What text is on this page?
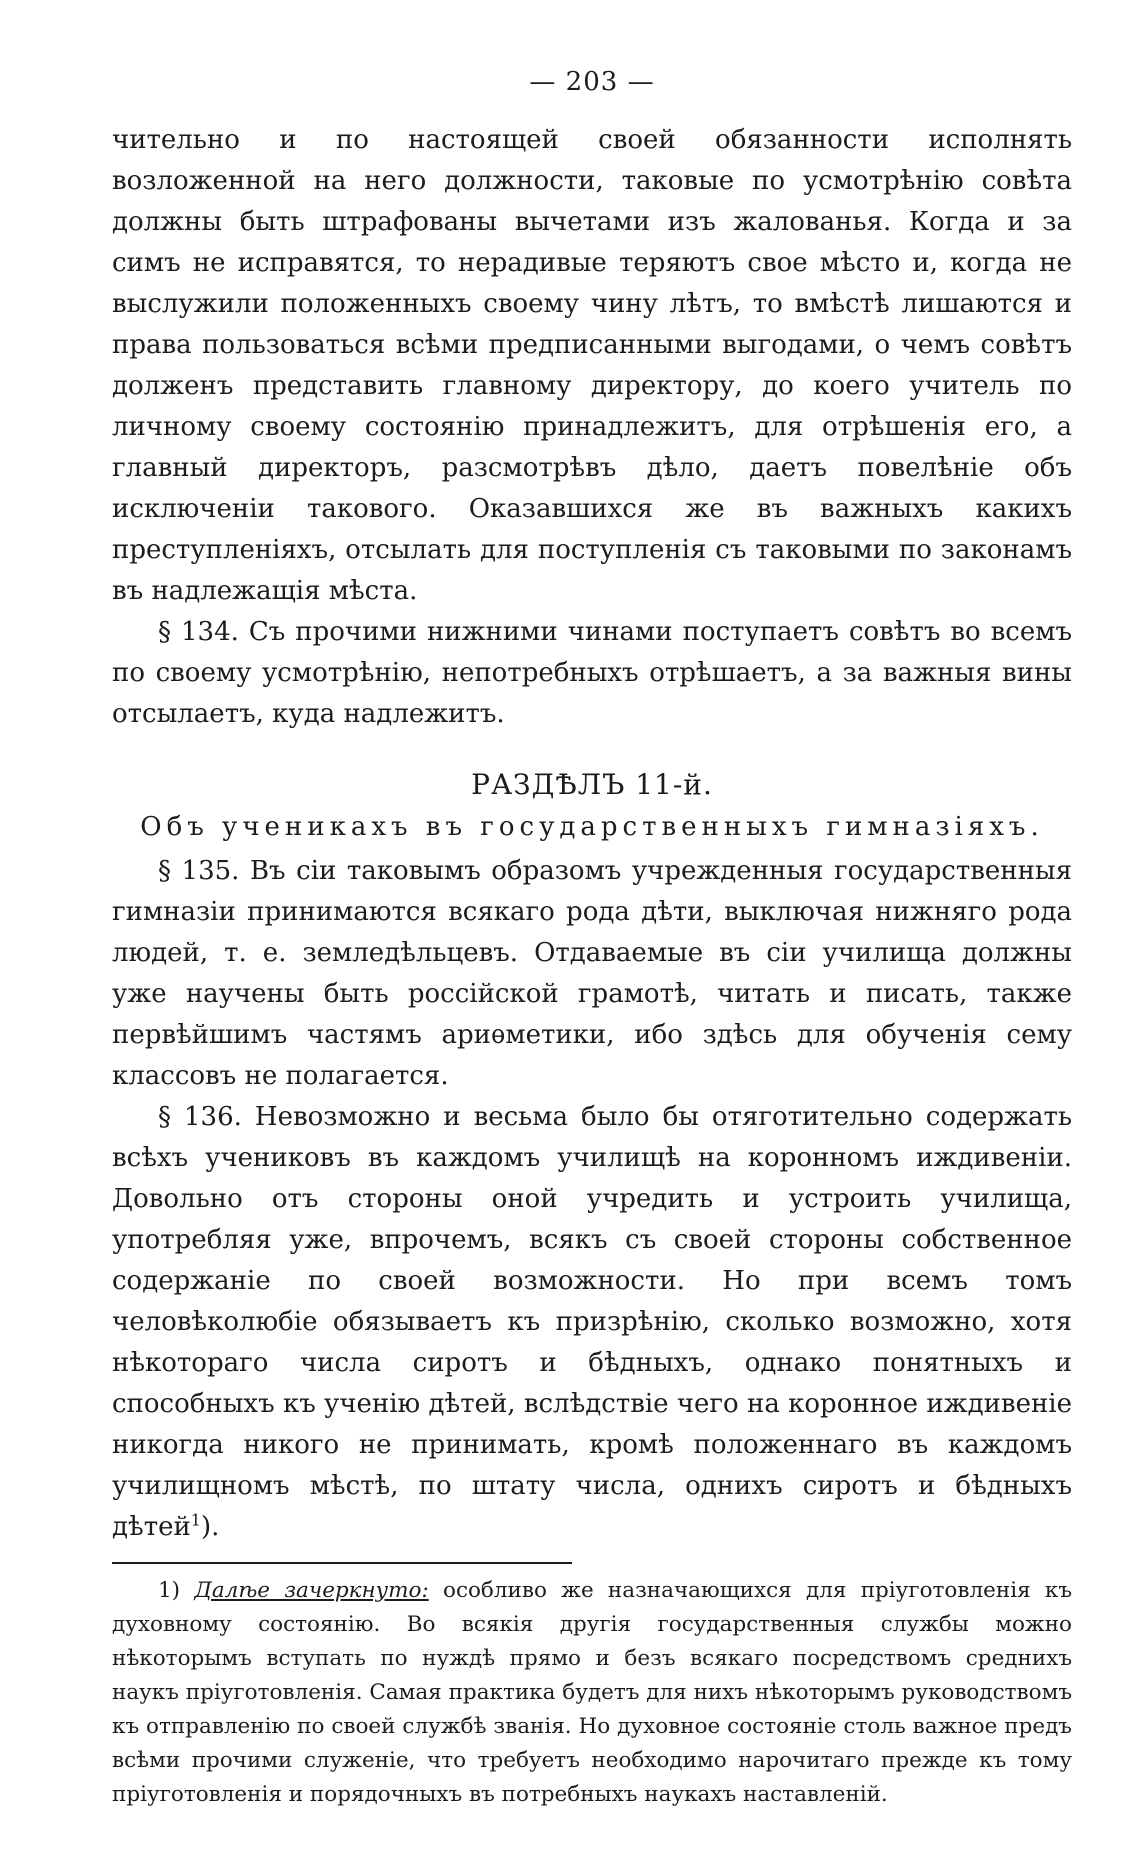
— 203 —

чительно и по настоящей своей обязанности исполнять возложенной на него должности, таковые по усмотрѣнію совѣта должны быть штрафованы вычетами изъ жалованья. Когда и за симъ не исправятся, то нерадивые теряютъ свое мѣсто и, когда не выслужили положенныхъ своему чину лѣтъ, то вмѣстѣ лишаются и права пользоваться всѣми предписанными выгодами, о чемъ совѣтъ долженъ представить главному директору, до коего учитель по личному своему состоянію принадлежитъ, для отрѣшенія его, а главный директоръ, разсмотрѣвъ дѣло, даетъ повелѣніе объ исключеніи такового. Оказавшихся же въ важныхъ какихъ преступленіяхъ, отсылать для поступленія съ таковыми по законамъ въ надлежащія мѣста.

§ 134. Съ прочими нижними чинами поступаетъ совѣтъ во всемъ по своему усмотрѣнію, непотребныхъ отрѣшаетъ, а за важныя вины отсылаетъ, куда надлежитъ.

РАЗДѢЛЪ 11-й.
Объ ученикахъ въ государственныхъ гимназіяхъ.

§ 135. Въ сіи таковымъ образомъ учрежденныя государственныя гимназіи принимаются всякаго рода дѣти, выключая нижняго рода людей, т. е. земледѣльцевъ. Отдаваемые въ сіи училища должны уже научены быть россійской грамотѣ, читать и писать, также первѣйшимъ частямъ ариѳметики, ибо здѣсь для обученія сему классовъ не полагается.

§ 136. Невозможно и весьма было бы отяготительно содержать всѣхъ учениковъ въ каждомъ училищѣ на коронномъ иждивеніи. Довольно отъ стороны оной учредить и устроить училища, употребляя уже, впрочемъ, всякъ съ своей стороны собственное содержаніе по своей возможности. Но при всемъ томъ человѣколюбіе обязываетъ къ призрѣнію, сколько возможно, хотя нѣкотораго числа сиротъ и бѣдныхъ, однако понятныхъ и способныхъ къ ученію дѣтей, вслѣдствіе чего на коронное иждивеніе никогда никого не принимать, кромѣ положеннаго въ каждомъ училищномъ мѣстѣ, по штату числа, однихъ сиротъ и бѣдныхъ дѣтей$^1$).

1) Далѣе зачеркнуто: особливо же назначающихся для пріуготовленія къ духовному состоянію. Во всякія другія государственныя службы можно нѣкоторымъ вступать по нуждѣ прямо и безъ всякаго посредствомъ среднихъ наукъ пріуготовленія. Самая практика будетъ для нихъ нѣкоторымъ руководствомъ къ отправленію по своей службѣ званія. Но духовное состояніе столь важное предъ всѣми прочими служеніе, что требуетъ необходимо нарочитаго прежде къ тому пріуготовленія и порядочныхъ въ потребныхъ наукахъ наставленій.
